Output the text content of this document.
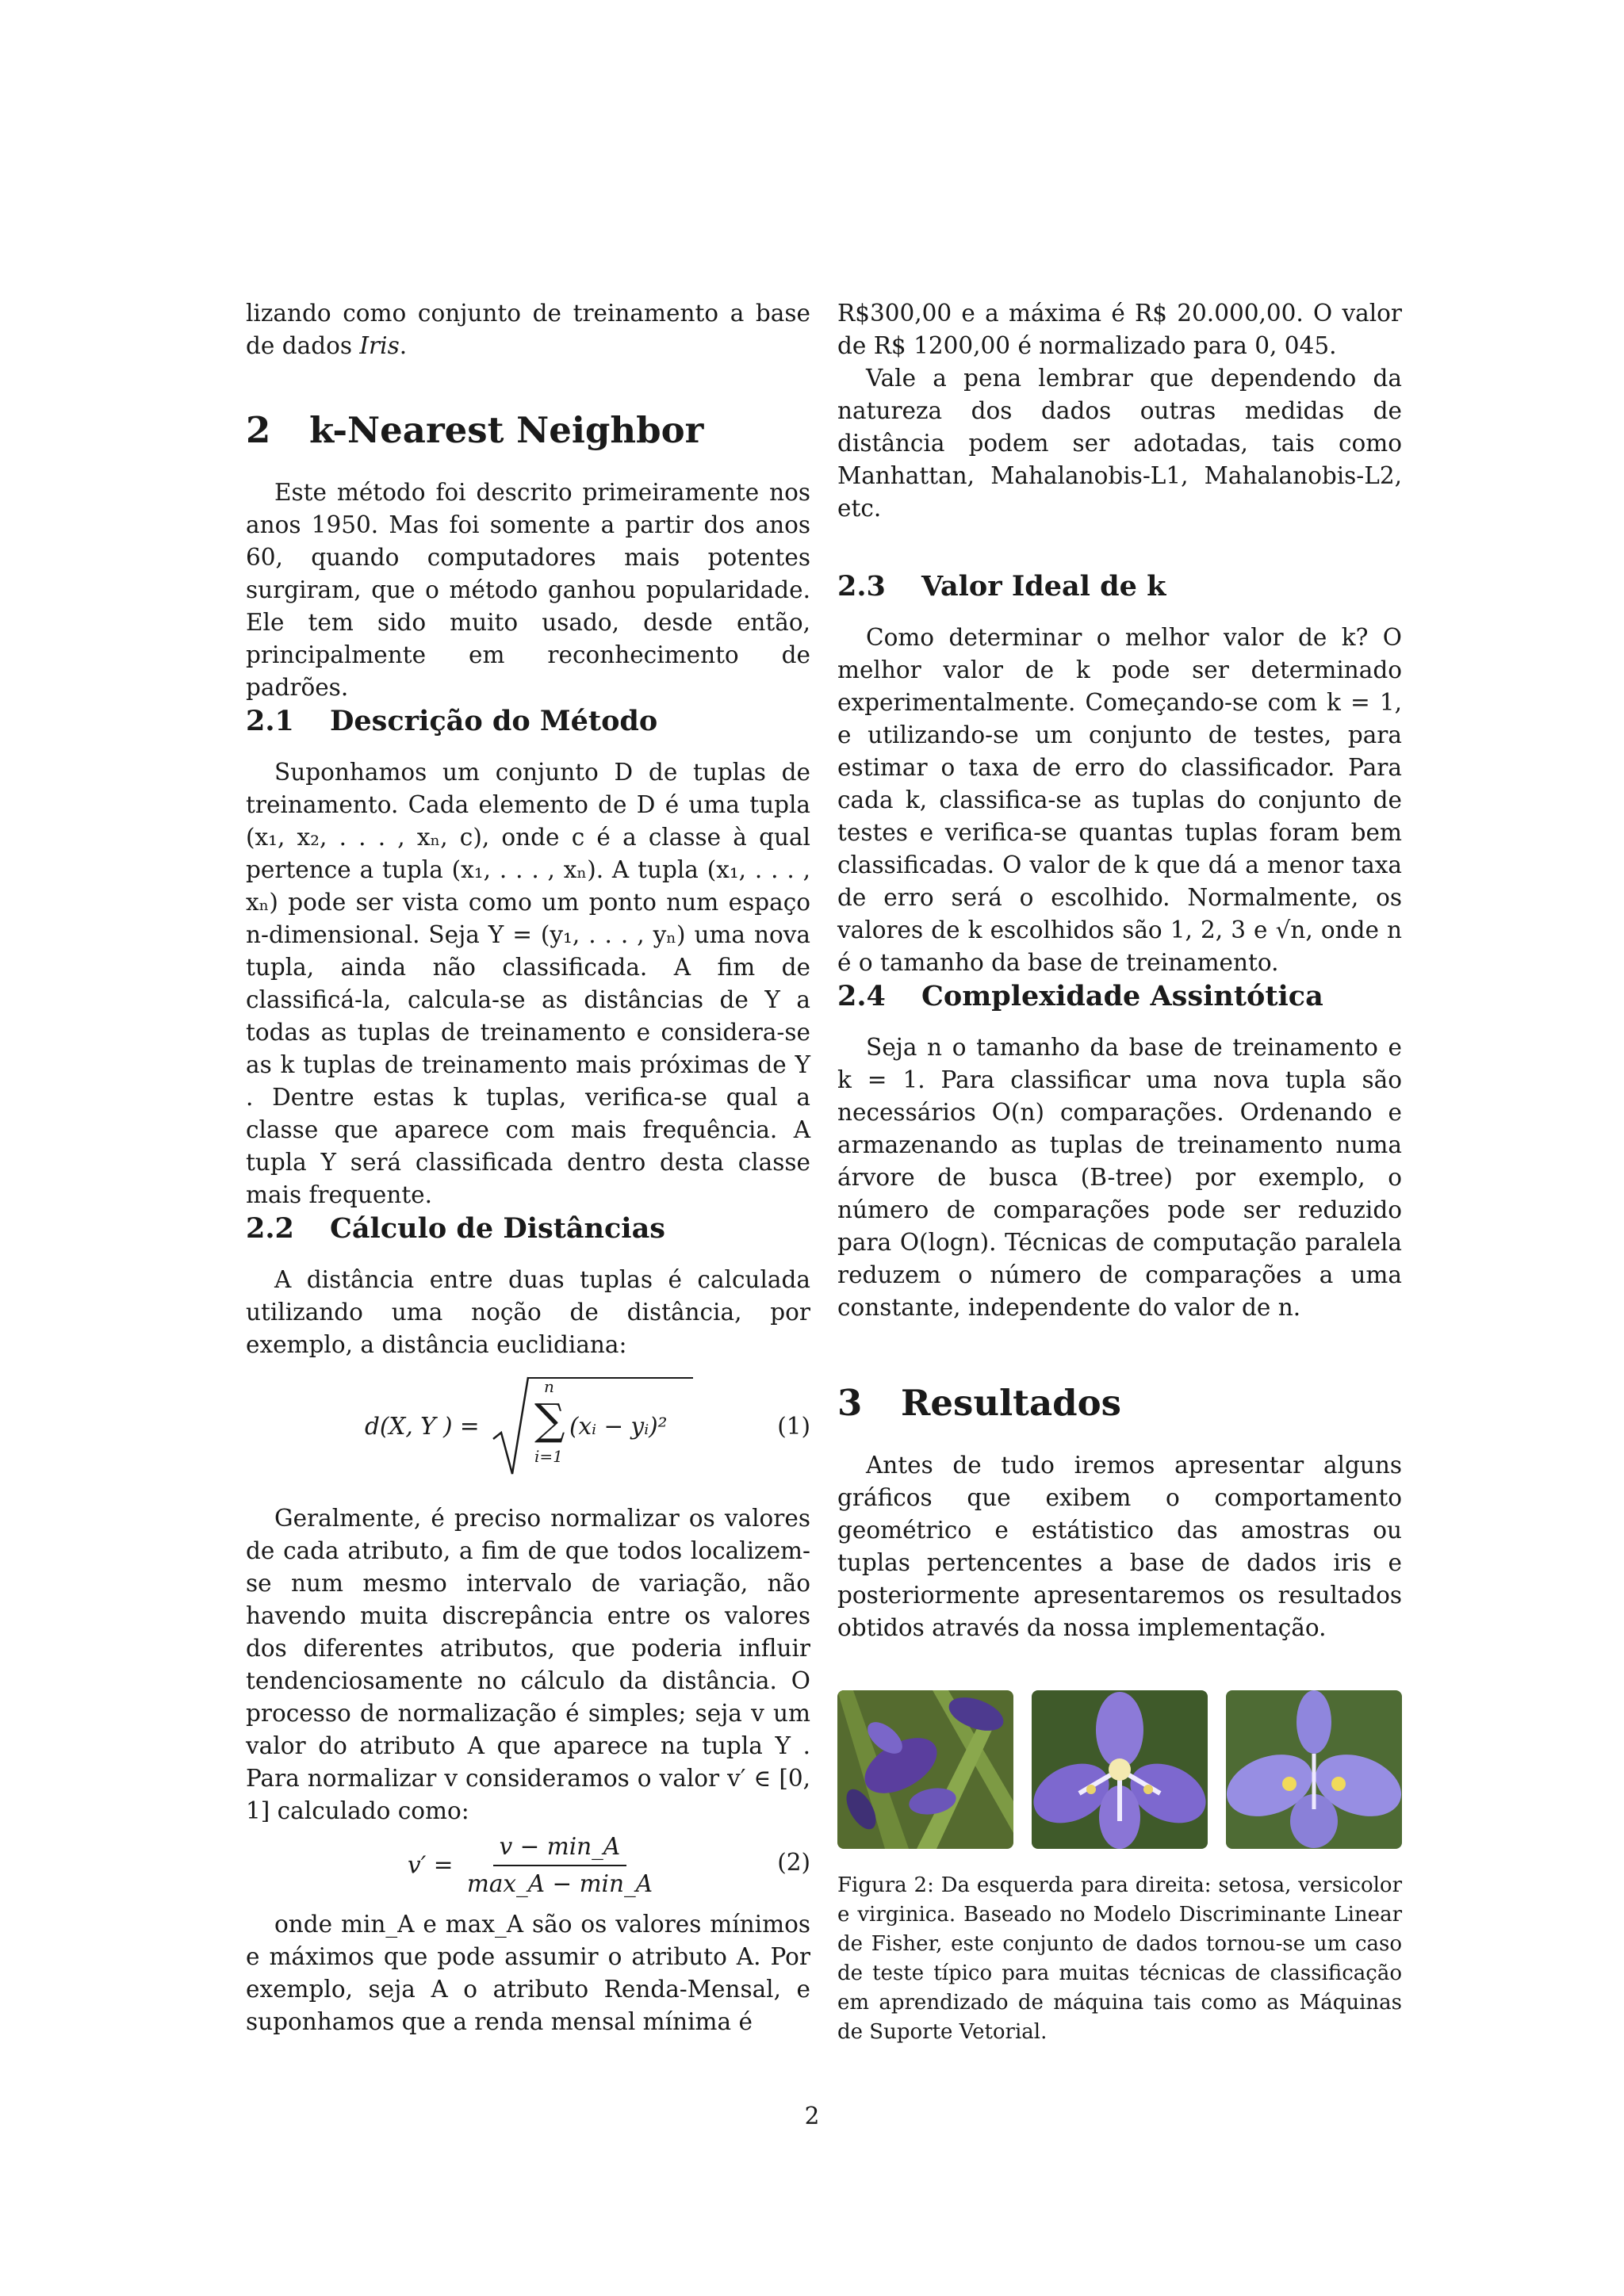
lizando como conjunto de treinamento a base de dados Iris.

2 k-Nearest Neighbor

Este método foi descrito primeiramente nos anos 1950. Mas foi somente a partir dos anos 60, quando computadores mais potentes surgiram, que o método ganhou popularidade. Ele tem sido muito usado, desde então, principalmente em reconhecimento de padrões.

2.1 Descrição do Método

Suponhamos um conjunto D de tuplas de treinamento. Cada elemento de D é uma tupla (x₁, x₂, . . . , xₙ, c), onde c é a classe à qual pertence a tupla (x₁, . . . , xₙ). A tupla (x₁, . . . , xₙ) pode ser vista como um ponto num espaço n-dimensional. Seja Y = (y₁, . . . , yₙ) uma nova tupla, ainda não classificada. A fim de classificá-la, calcula-se as distâncias de Y a todas as tuplas de treinamento e considera-se as k tuplas de treinamento mais próximas de Y . Dentre estas k tuplas, verifica-se qual a classe que aparece com mais frequência. A tupla Y será classificada dentro desta classe mais frequente.

2.2 Cálculo de Distâncias

A distância entre duas tuplas é calculada utilizando uma noção de distância, por exemplo, a distância euclidiana:

d(X, Y ) =
n
∑
i=1
(xᵢ − yᵢ)²	(1)

Geralmente, é preciso normalizar os valores de cada atributo, a fim de que todos localizem-se num mesmo intervalo de variação, não havendo muita discrepância entre os valores dos diferentes atributos, que poderia influir tendenciosamente no cálculo da distância. O processo de normalização é simples; seja v um valor do atributo A que aparece na tupla Y . Para normalizar v consideramos o valor v′ ∈ [0, 1] calculado como:

$v' = \frac{v - \min\_A}{\max\_A - \min\_A}$	(2)

onde min_A e max_A são os valores mínimos e máximos que pode assumir o atributo A. Por exemplo, seja A o atributo Renda-Mensal, e suponhamos que a renda mensal mínima é

R$300,00 e a máxima é R$ 20.000,00. O valor de R$ 1200,00 é normalizado para 0, 045.

Vale a pena lembrar que dependendo da natureza dos dados outras medidas de distância podem ser adotadas, tais como Manhattan, Mahalanobis-L1, Mahalanobis-L2, etc.

2.3 Valor Ideal de k

Como determinar o melhor valor de k? O melhor valor de k pode ser determinado experimentalmente. Começando-se com k = 1, e utilizando-se um conjunto de testes, para estimar o taxa de erro do classificador. Para cada k, classifica-se as tuplas do conjunto de testes e verifica-se quantas tuplas foram bem classificadas. O valor de k que dá a menor taxa de erro será o escolhido. Normalmente, os valores de k escolhidos são 1, 2, 3 e √n, onde n é o tamanho da base de treinamento.

2.4 Complexidade Assintótica

Seja n o tamanho da base de treinamento e k = 1. Para classificar uma nova tupla são necessários O(n) comparações. Ordenando e armazenando as tuplas de treinamento numa árvore de busca (B-tree) por exemplo, o número de comparações pode ser reduzido para O(logn). Técnicas de computação paralela reduzem o número de comparações a uma constante, independente do valor de n.

3 Resultados

Antes de tudo iremos apresentar alguns gráficos que exibem o comportamento geométrico e estátistico das amostras ou tuplas pertencentes a base de dados iris e posteriormente apresentaremos os resultados obtidos através da nossa implementação.

Figura 2: Da esquerda para direita: setosa, versicolor e virginica. Baseado no Modelo Discriminante Linear de Fisher, este conjunto de dados tornou-se um caso de teste típico para muitas técnicas de classificação em aprendizado de máquina tais como as Máquinas de Suporte Vetorial.

2
